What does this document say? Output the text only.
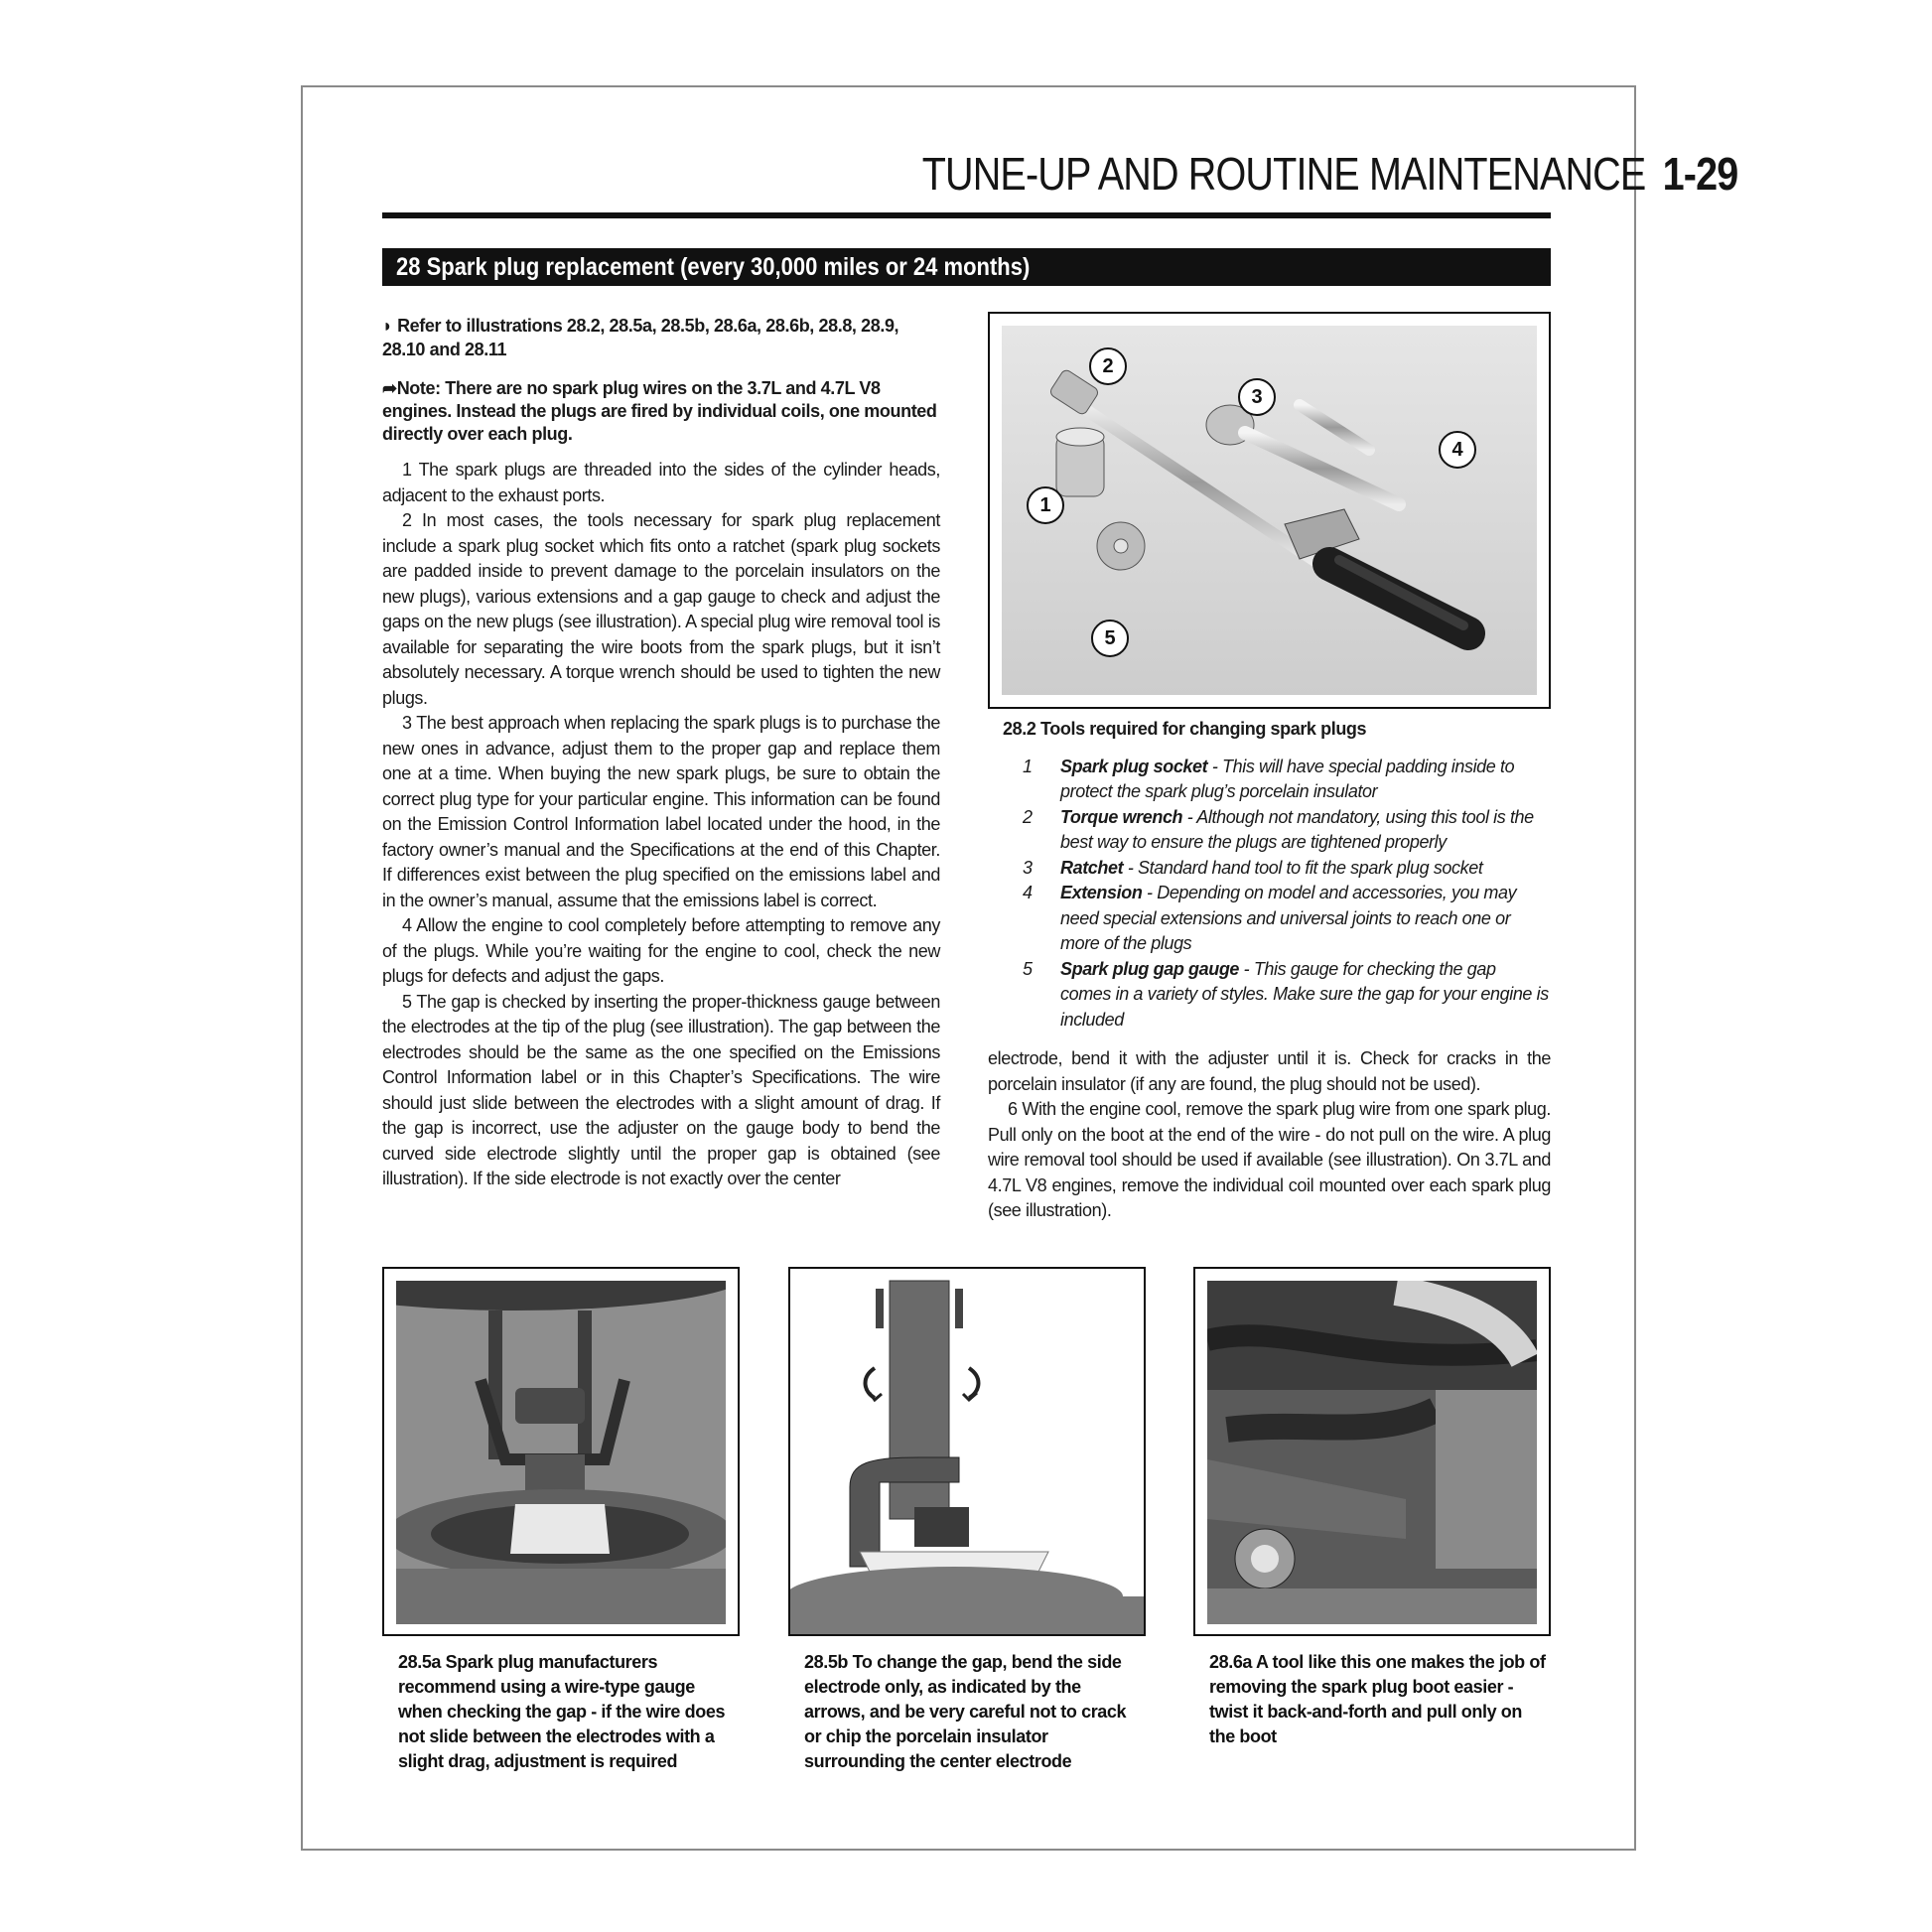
TUNE-UP AND ROUTINE MAINTENANCE 1-29
28 Spark plug replacement (every 30,000 miles or 24 months)

◗ Refer to illustrations 28.2, 28.5a, 28.5b, 28.6a, 28.6b, 28.8, 28.9, 28.10 and 28.11

➦Note: There are no spark plug wires on the 3.7L and 4.7L V8 engines. Instead the plugs are fired by individual coils, one mounted directly over each plug.

1 The spark plugs are threaded into the sides of the cylinder heads, adjacent to the exhaust ports.

2 In most cases, the tools necessary for spark plug replacement include a spark plug socket which fits onto a ratchet (spark plug sockets are padded inside to prevent damage to the porcelain insulators on the new plugs), various extensions and a gap gauge to check and adjust the gaps on the new plugs (see illustration). A special plug wire removal tool is available for separating the wire boots from the spark plugs, but it isn’t absolutely necessary. A torque wrench should be used to tighten the new plugs.

3 The best approach when replacing the spark plugs is to purchase the new ones in advance, adjust them to the proper gap and replace them one at a time. When buying the new spark plugs, be sure to obtain the correct plug type for your particular engine. This information can be found on the Emission Control Information label located under the hood, in the factory owner’s manual and the Specifications at the end of this Chapter. If differences exist between the plug specified on the emissions label and in the owner’s manual, assume that the emissions label is correct.

4 Allow the engine to cool completely before attempting to remove any of the plugs. While you’re waiting for the engine to cool, check the new plugs for defects and adjust the gaps.

5 The gap is checked by inserting the proper-thickness gauge between the electrodes at the tip of the plug (see illustration). The gap between the electrodes should be the same as the one specified on the Emissions Control Information label or in this Chapter’s Specifications. The wire should just slide between the electrodes with a slight amount of drag. If the gap is incorrect, use the adjuster on the gauge body to bend the curved side electrode slightly until the proper gap is obtained (see illustration). If the side electrode is not exactly over the center

2
3
4
1
5
28.2 Tools required for changing spark plugs
1	Spark plug socket - This will have special padding inside to protect the spark plug’s porcelain insulator
2	Torque wrench - Although not mandatory, using this tool is the best way to ensure the plugs are tightened properly
3	Ratchet - Standard hand tool to fit the spark plug socket
4	Extension - Depending on model and accessories, you may need special extensions and universal joints to reach one or more of the plugs
5	Spark plug gap gauge - This gauge for checking the gap comes in a variety of styles. Make sure the gap for your engine is included

electrode, bend it with the adjuster until it is. Check for cracks in the porcelain insulator (if any are found, the plug should not be used).

6 With the engine cool, remove the spark plug wire from one spark plug. Pull only on the boot at the end of the wire - do not pull on the wire. A plug wire removal tool should be used if available (see illustration). On 3.7L and 4.7L V8 engines, remove the individual coil mounted over each spark plug (see illustration).

28.5a Spark plug manufacturers recommend using a wire-type gauge when checking the gap - if the wire does not slide between the electrodes with a slight drag, adjustment is required
28.5b To change the gap, bend the side electrode only, as indicated by the arrows, and be very careful not to crack or chip the porcelain insulator surrounding the center electrode
28.6a A tool like this one makes the job of removing the spark plug boot easier - twist it back-and-forth and pull only on the boot
